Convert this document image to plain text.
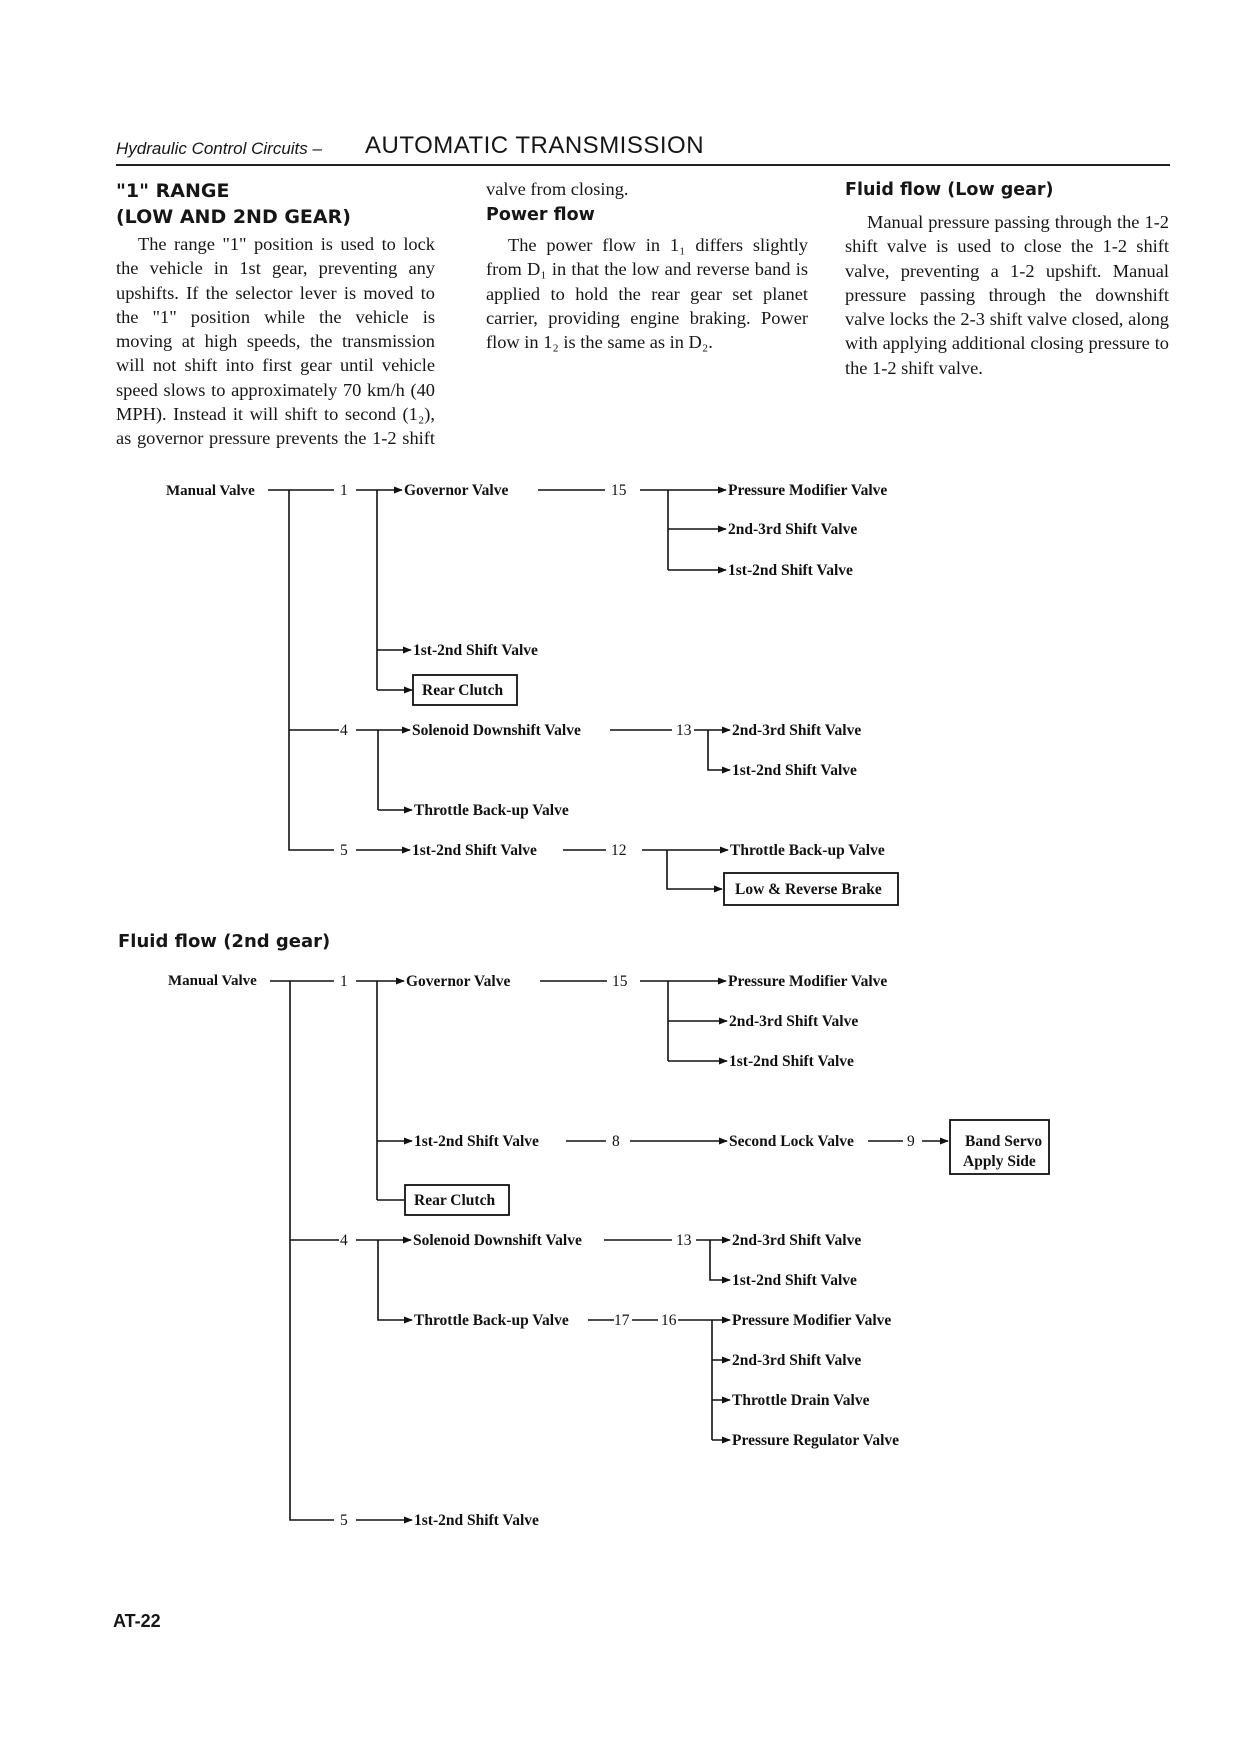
Hydraulic Control Circuits – AUTOMATIC TRANSMISSION
"1" RANGE
(LOW AND 2ND GEAR)

The range "1" position is used to lock the vehicle in 1st gear, preventing any upshifts. If the selector lever is moved to the "1" position while the vehicle is moving at high speeds, the transmission will not shift into first gear until vehicle speed slows to approximately 70 km/h (40 MPH). Instead it will shift to second (1₂), as governor pressure prevents the 1-2 shift

valve from closing.

Power flow

The power flow in 1₁ differs slightly from D₁ in that the low and reverse band is applied to hold the rear gear set planet carrier, providing engine braking. Power flow in 1₂ is the same as in D₂.

Fluid flow (Low gear)

Manual pressure passing through the 1-2 shift valve is used to close the 1-2 shift valve, preventing a 1-2 upshift. Manual pressure passing through the downshift valve locks the 2-3 shift valve closed, along with applying additional closing pressure to the 1-2 shift valve.

Fluid flow (2nd gear)
Manual Valve	1	Governor Valve	15	Pressure Modifier Valve
2nd-3rd Shift Valve
1st-2nd Shift Valve
1st-2nd Shift Valve
Rear Clutch
4	Solenoid Downshift Valve
Throttle Back-up Valve
13	2nd-3rd Shift Valve
1st-2nd Shift Valve
5	1st-2nd Shift Valve	12	Throttle Back-up Valve
Low & Reverse Brake
Manual Valve	1	Governor Valve	15	Pressure Modifier Valve
2nd-3rd Shift Valve
1st-2nd Shift Valve
1st-2nd Shift Valve	8	Second Lock Valve	9	Band Servo
Apply Side
Rear Clutch
4	Solenoid Downshift Valve	13	2nd-3rd Shift Valve
1st-2nd Shift Valve
Throttle Back-up Valve	17 16	Pressure Modifier Valve
2nd-3rd Shift Valve
Throttle Drain Valve
Pressure Regulator Valve
5	1st-2nd Shift Valve
AT-22
